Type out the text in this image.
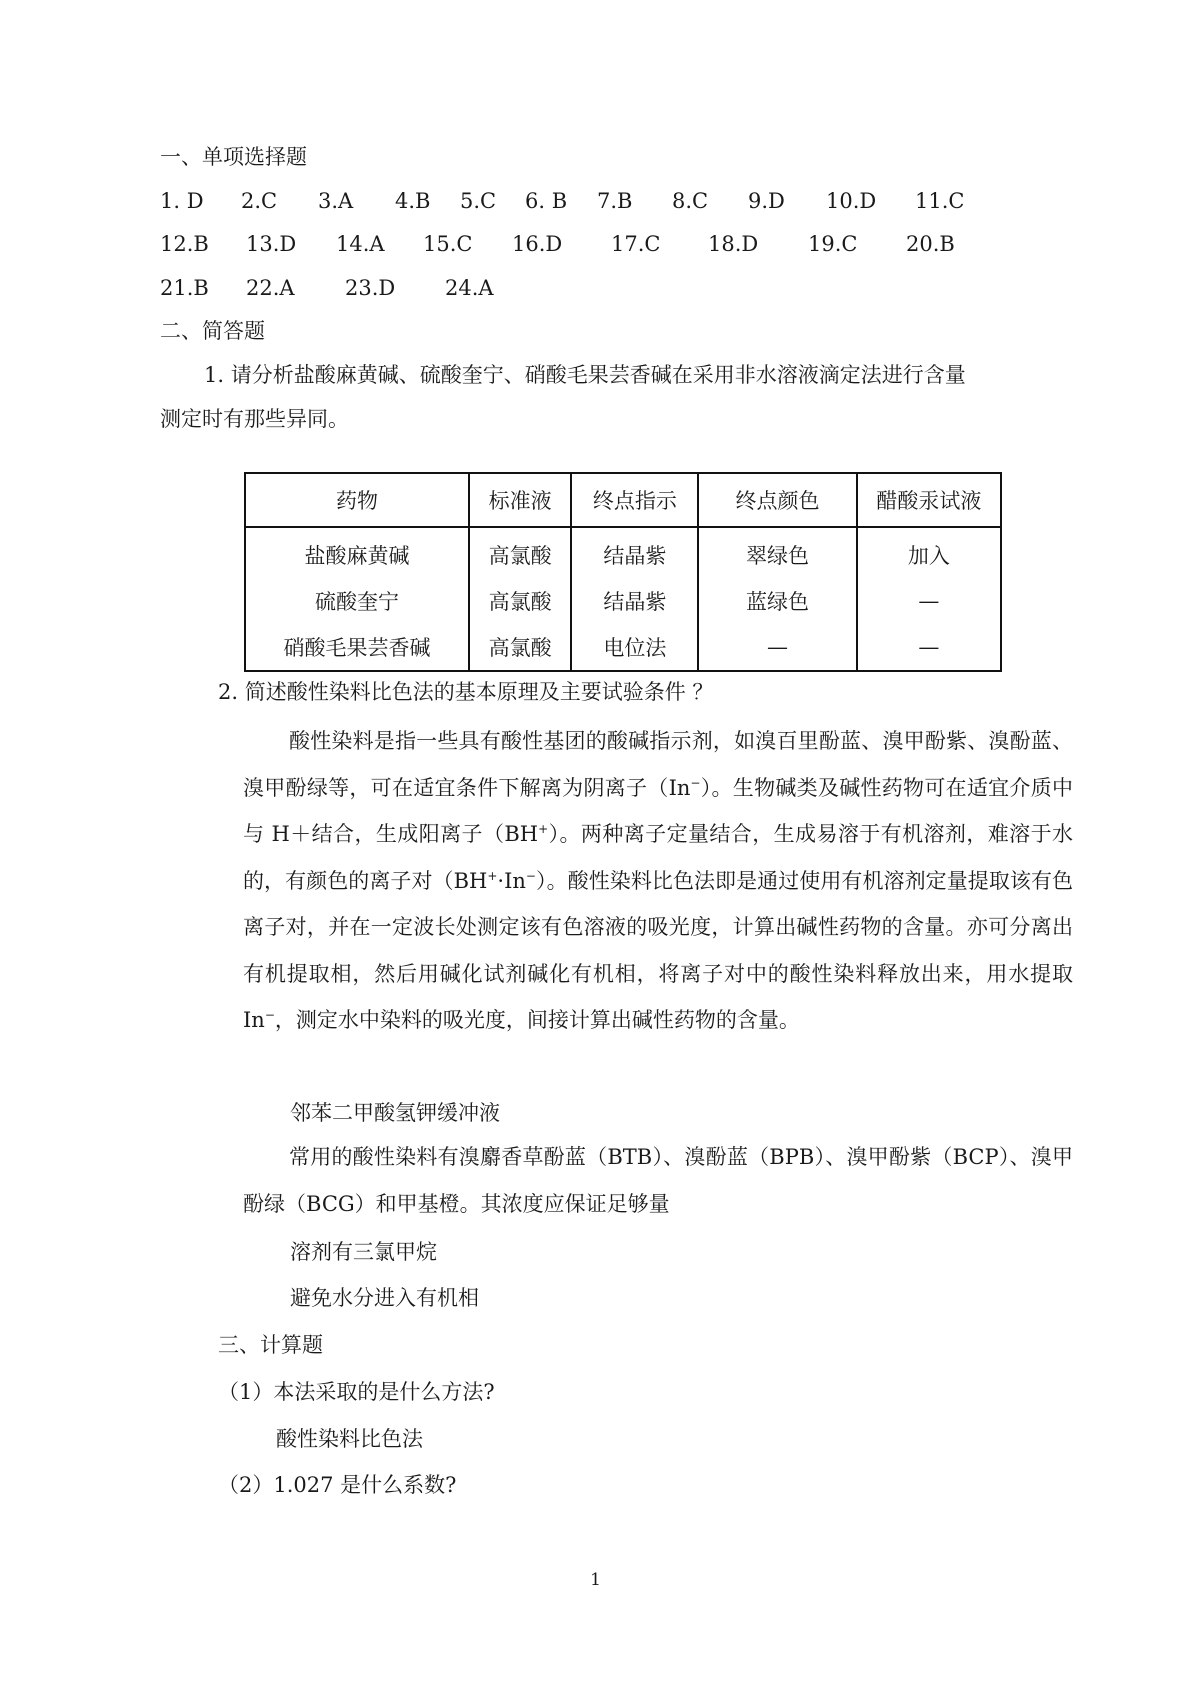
一、单项选择题
1. D 2.C 3.A 4.B 5.C 6. B 7.B 8.C 9.D 10.D 11.C
12.B 13.D 14.A 15.C 16.D 17.C 18.D 19.C 20.B
21.B 22.A 23.D 24.A
二、简答题
1. 请分析盐酸麻黄碱、硫酸奎宁、硝酸毛果芸香碱在采用非水溶液滴定法进行含量
测定时有那些异同。
药物	标准液	终点指示	终点颜色	醋酸汞试液
盐酸麻黄碱	高氯酸	结晶紫	翠绿色	加入
硫酸奎宁	高氯酸	结晶紫	蓝绿色	—
硝酸毛果芸香碱	高氯酸	电位法	—	—
2. 简述酸性染料比色法的基本原理及主要试验条件 ？
酸性染料是指一些具有酸性基团的酸碱指示剂，如溴百里酚蓝、溴甲酚紫、溴酚蓝、溴甲酚绿等，可在适宜条件下解离为阴离子（In−）。生物碱类及碱性药物可在适宜介质中与 H＋结合，生成阳离子（BH+）。两种离子定量结合，生成易溶于有机溶剂，难溶于水的，有颜色的离子对（BH+·In−）。酸性染料比色法即是通过使用有机溶剂定量提取该有色离子对，并在一定波长处测定该有色溶液的吸光度，计算出碱性药物的含量。亦可分离出有机提取相，然后用碱化试剂碱化有机相，将离子对中的酸性染料释放出来，用水提取 In−，测定水中染料的吸光度，间接计算出碱性药物的含量。
邻苯二甲酸氢钾缓冲液
常用的酸性染料有溴麝香草酚蓝（BTB）、溴酚蓝（BPB）、溴甲酚紫（BCP）、溴甲酚绿（BCG）和甲基橙。其浓度应保证足够量
溶剂有三氯甲烷
避免水分进入有机相
三、计算题
（1）本法采取的是什么方法?
酸性染料比色法
（2）1.027 是什么系数?
1
